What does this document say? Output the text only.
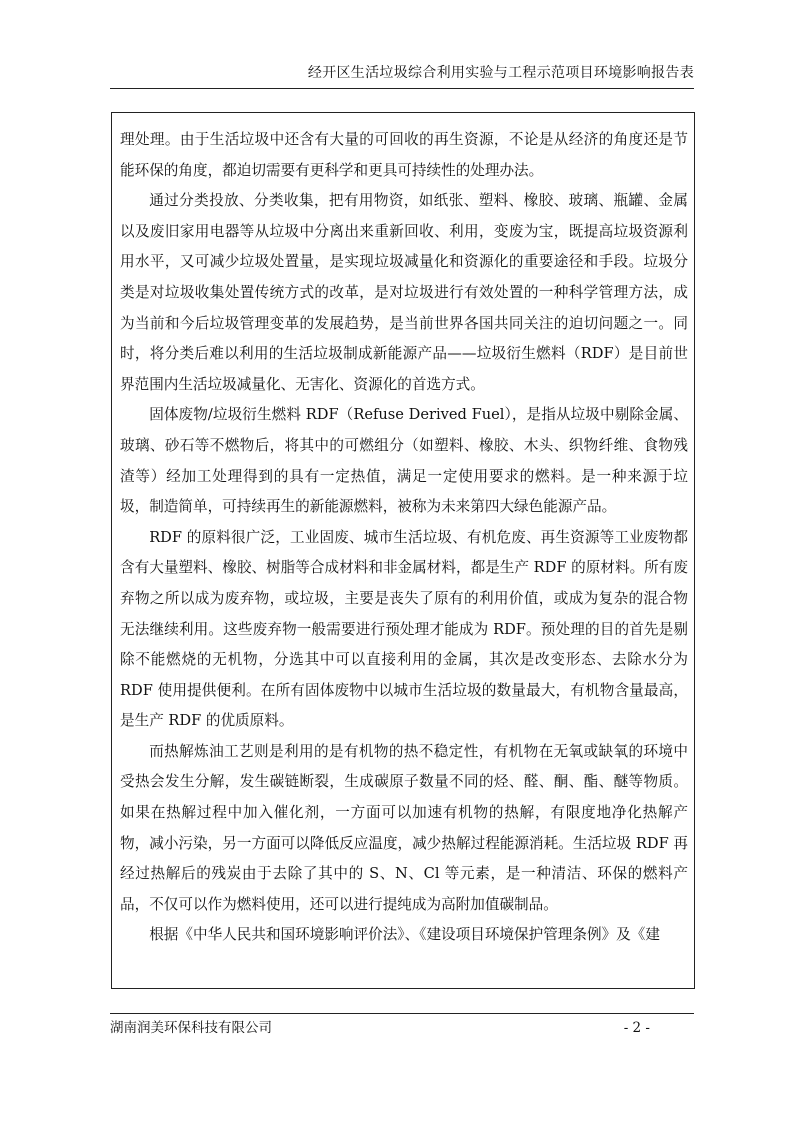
经开区生活垃圾综合利用实验与工程示范项目环境影响报告表

理处理。由于生活垃圾中还含有大量的可回收的再生资源，不论是从经济的角度还是节能环保的角度，都迫切需要有更科学和更具可持续性的处理办法。

通过分类投放、分类收集，把有用物资，如纸张、塑料、橡胶、玻璃、瓶罐、金属以及废旧家用电器等从垃圾中分离出来重新回收、利用，变废为宝，既提高垃圾资源利用水平，又可减少垃圾处置量，是实现垃圾减量化和资源化的重要途径和手段。垃圾分类是对垃圾收集处置传统方式的改革，是对垃圾进行有效处置的一种科学管理方法，成为当前和今后垃圾管理变革的发展趋势，是当前世界各国共同关注的迫切问题之一。同时，将分类后难以利用的生活垃圾制成新能源产品——垃圾衍生燃料（RDF）是目前世界范围内生活垃圾减量化、无害化、资源化的首选方式。

固体废物/垃圾衍生燃料 RDF（Refuse Derived Fuel），是指从垃圾中剔除金属、玻璃、砂石等不燃物后，将其中的可燃组分（如塑料、橡胶、木头、织物纤维、食物残渣等）经加工处理得到的具有一定热值，满足一定使用要求的燃料。是一种来源于垃圾，制造简单，可持续再生的新能源燃料，被称为未来第四大绿色能源产品。

RDF 的原料很广泛，工业固废、城市生活垃圾、有机危废、再生资源等工业废物都含有大量塑料、橡胶、树脂等合成材料和非金属材料，都是生产 RDF 的原材料。所有废弃物之所以成为废弃物，或垃圾，主要是丧失了原有的利用价值，或成为复杂的混合物无法继续利用。这些废弃物一般需要进行预处理才能成为 RDF。预处理的目的首先是剔除不能燃烧的无机物，分选其中可以直接利用的金属，其次是改变形态、去除水分为 RDF 使用提供便利。在所有固体废物中以城市生活垃圾的数量最大，有机物含量最高，是生产 RDF 的优质原料。

而热解炼油工艺则是利用的是有机物的热不稳定性，有机物在无氧或缺氧的环境中受热会发生分解，发生碳链断裂，生成碳原子数量不同的烃、醛、酮、酯、醚等物质。如果在热解过程中加入催化剂，一方面可以加速有机物的热解，有限度地净化热解产物，减小污染，另一方面可以降低反应温度，减少热解过程能源消耗。生活垃圾 RDF 再经过热解后的残炭由于去除了其中的 S、N、Cl 等元素，是一种清洁、环保的燃料产品，不仅可以作为燃料使用，还可以进行提纯成为高附加值碳制品。

根据《中华人民共和国环境影响评价法》、《建设项目环境保护管理条例》及《建

湖南润美环保科技有限公司	- 2 -
